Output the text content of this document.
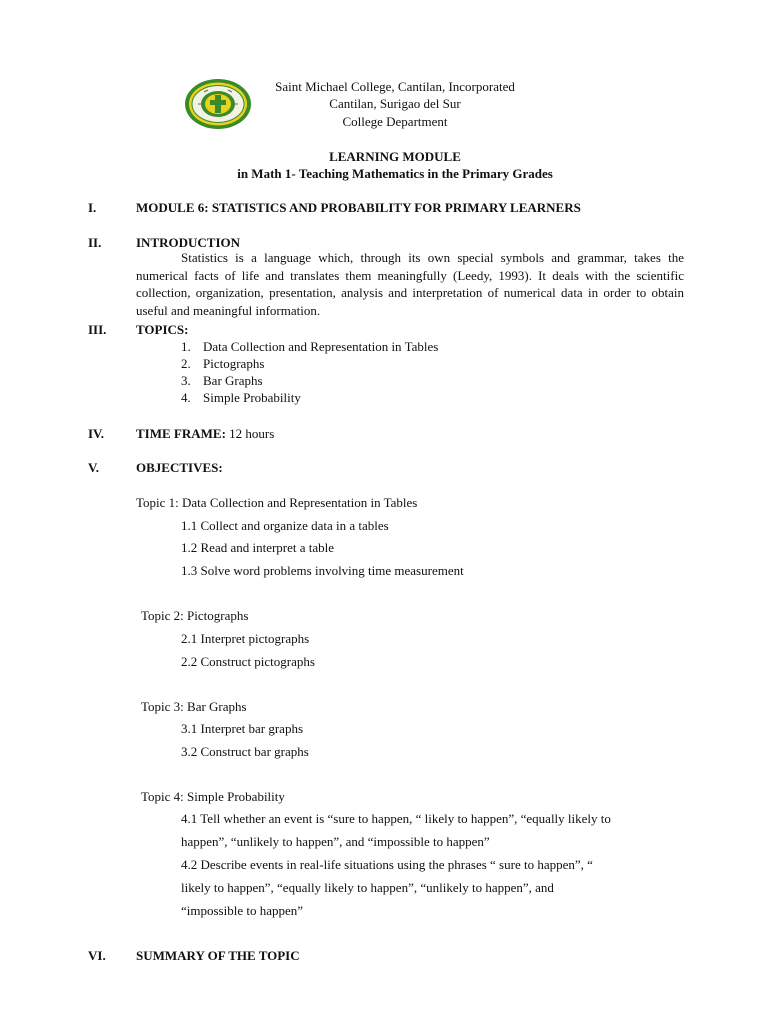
Saint Michael College, Cantilan, Incorporated
Cantilan, Surigao del Sur
College Department
LEARNING MODULE
in Math 1- Teaching Mathematics in the Primary Grades
I.	MODULE 6: STATISTICS AND PROBABILITY FOR PRIMARY LEARNERS
II.	INTRODUCTION

Statistics is a language which, through its own special symbols and grammar, takes the numerical facts of life and translates them meaningfully (Leedy, 1993). It deals with the scientific collection, organization, presentation, analysis and interpretation of numerical data in order to obtain useful and meaningful information.

III. TOPICS:
1. Data Collection and Representation in Tables
2. Pictographs
3. Bar Graphs
4. Simple Probability
IV. TIME FRAME: 12 hours
V.	OBJECTIVES:
Topic 1: Data Collection and Representation in Tables
1.1 Collect and organize data in a tables
1.2 Read and interpret a table
1.3 Solve word problems involving time measurement
Topic 2: Pictographs
2.1 Interpret pictographs
2.2 Construct pictographs
Topic 3: Bar Graphs
3.1 Interpret bar graphs
3.2 Construct bar graphs
Topic 4: Simple Probability
4.1 Tell whether an event is “sure to happen, “ likely to happen”, “equally likely to
happen”, “unlikely to happen”, and “impossible to happen”
4.2 Describe events in real-life situations using the phrases “ sure to happen”, “
likely to happen”, “equally likely to happen”, “unlikely to happen”, and
“impossible to happen”
VI. SUMMARY OF THE TOPIC
